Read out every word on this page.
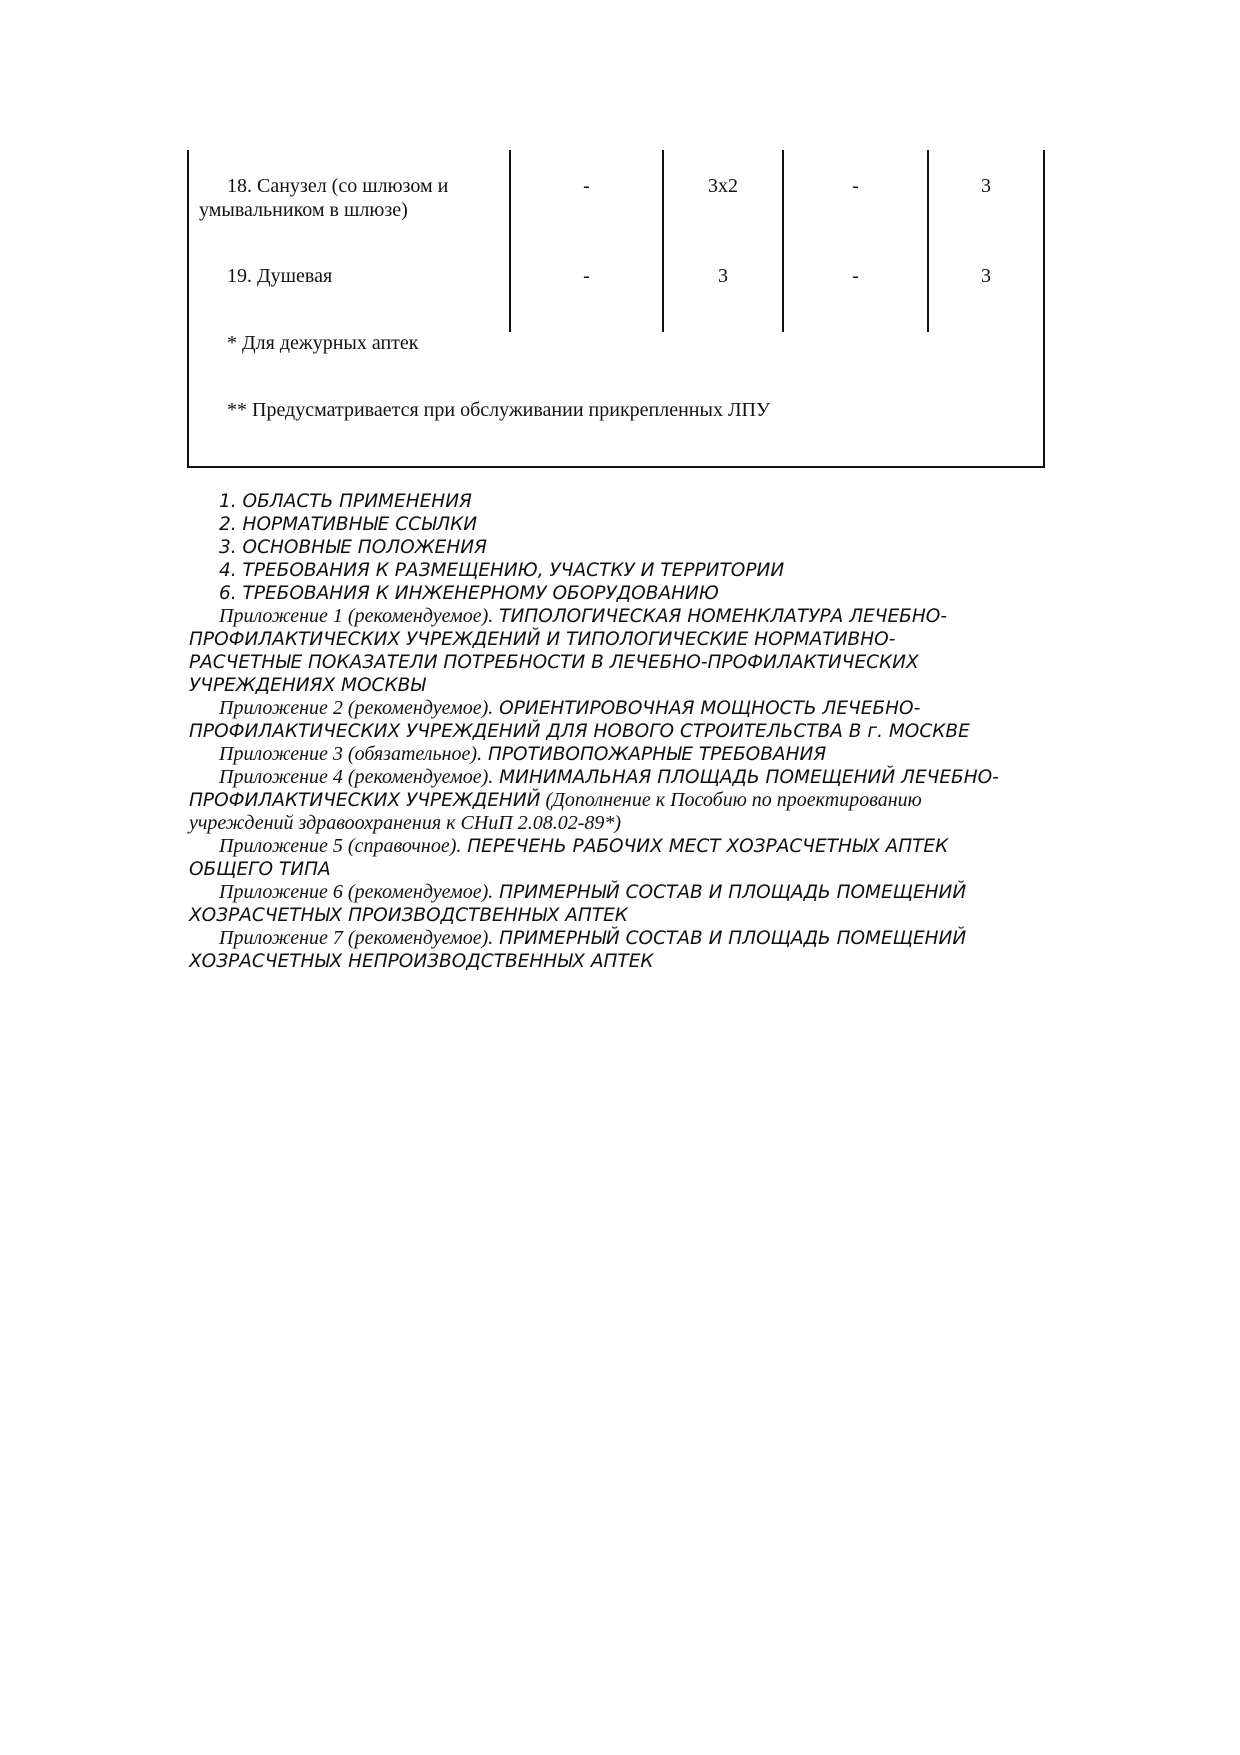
18. Санузел (со шлюзом и
умывальником в шлюзе)
-	3х2	-	3
19. Душевая	-	3	-	3
* Для дежурных аптек
** Предусматривается при обслуживании прикрепленных ЛПУ

1. ОБЛАСТЬ ПРИМЕНЕНИЯ

2. НОРМАТИВНЫЕ ССЫЛКИ

3. ОСНОВНЫЕ ПОЛОЖЕНИЯ

4. ТРЕБОВАНИЯ К РАЗМЕЩЕНИЮ, УЧАСТКУ И ТЕРРИТОРИИ

6. ТРЕБОВАНИЯ К ИНЖЕНЕРНОМУ ОБОРУДОВАНИЮ

Приложение 1 (рекомендуемое). ТИПОЛОГИЧЕСКАЯ НОМЕНКЛАТУРА ЛЕЧЕБНО-

ПРОФИЛАКТИЧЕСКИХ УЧРЕЖДЕНИЙ И ТИПОЛОГИЧЕСКИЕ НОРМАТИВНО-

РАСЧЕТНЫЕ ПОКАЗАТЕЛИ ПОТРЕБНОСТИ В ЛЕЧЕБНО-ПРОФИЛАКТИЧЕСКИХ

УЧРЕЖДЕНИЯХ МОСКВЫ

Приложение 2 (рекомендуемое). ОРИЕНТИРОВОЧНАЯ МОЩНОСТЬ ЛЕЧЕБНО-

ПРОФИЛАКТИЧЕСКИХ УЧРЕЖДЕНИЙ ДЛЯ НОВОГО СТРОИТЕЛЬСТВА В г. МОСКВЕ

Приложение 3 (обязательное). ПРОТИВОПОЖАРНЫЕ ТРЕБОВАНИЯ

Приложение 4 (рекомендуемое). МИНИМАЛЬНАЯ ПЛОЩАДЬ ПОМЕЩЕНИЙ ЛЕЧЕБНО-

ПРОФИЛАКТИЧЕСКИХ УЧРЕЖДЕНИЙ (Дополнение к Пособию по проектированию

учреждений здравоохранения к СНиП 2.08.02-89*)

Приложение 5 (справочное). ПЕРЕЧЕНЬ РАБОЧИХ МЕСТ ХОЗРАСЧЕТНЫХ АПТЕК

ОБЩЕГО ТИПА

Приложение 6 (рекомендуемое). ПРИМЕРНЫЙ СОСТАВ И ПЛОЩАДЬ ПОМЕЩЕНИЙ

ХОЗРАСЧЕТНЫХ ПРОИЗВОДСТВЕННЫХ АПТЕК

Приложение 7 (рекомендуемое). ПРИМЕРНЫЙ СОСТАВ И ПЛОЩАДЬ ПОМЕЩЕНИЙ

ХОЗРАСЧЕТНЫХ НЕПРОИЗВОДСТВЕННЫХ АПТЕК
